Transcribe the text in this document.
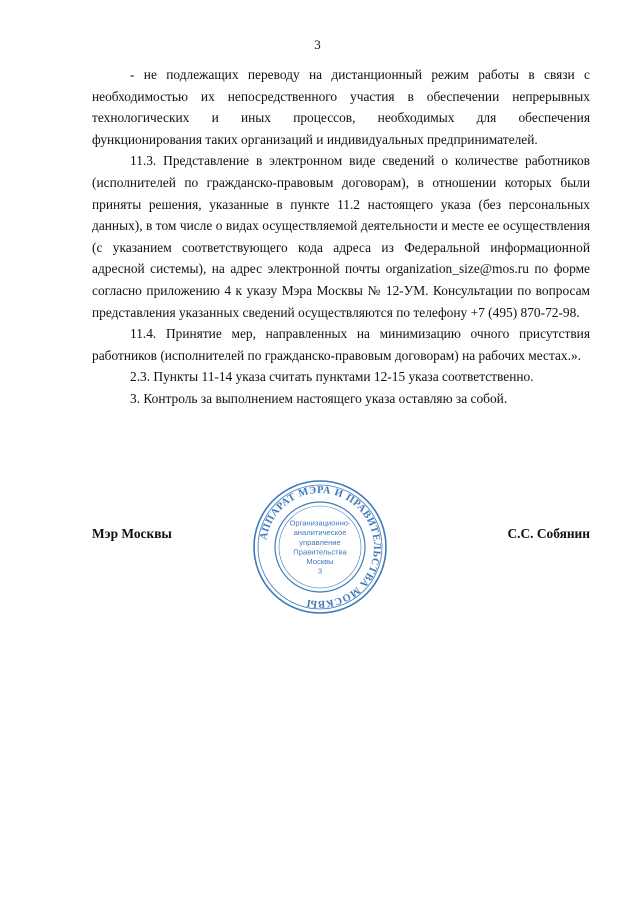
3

- не подлежащих переводу на дистанционный режим работы в связи с необходимостью их непосредственного участия в обеспечении непрерывных технологических и иных процессов, необходимых для обеспечения функционирования таких организаций и индивидуальных предпринимателей.

11.3. Представление в электронном виде сведений о количестве работников (исполнителей по гражданско-правовым договорам), в отношении которых были приняты решения, указанные в пункте 11.2 настоящего указа (без персональных данных), в том числе о видах осуществляемой деятельности и месте ее осуществления (с указанием соответствующего кода адреса из Федеральной информационной адресной системы), на адрес электронной почты organization_size@mos.ru по форме согласно приложению 4 к указу Мэра Москвы № 12-УМ. Консультации по вопросам представления указанных сведений осуществляются по телефону +7 (495) 870-72-98.

11.4. Принятие мер, направленных на минимизацию очного присутствия работников (исполнителей по гражданско-правовым договорам) на рабочих местах.».

2.3. Пункты 11-14 указа считать пунктами 12-15 указа соответственно.

3. Контроль за выполнением настоящего указа оставляю за собой.

Мэр Москвы	С.С. Собянин
АППАРАТ МЭРА И ПРАВИТЕЛЬСТВА МОСКВЫ
Организационно-
аналитическое
управление
Правительства
Москвы
3
